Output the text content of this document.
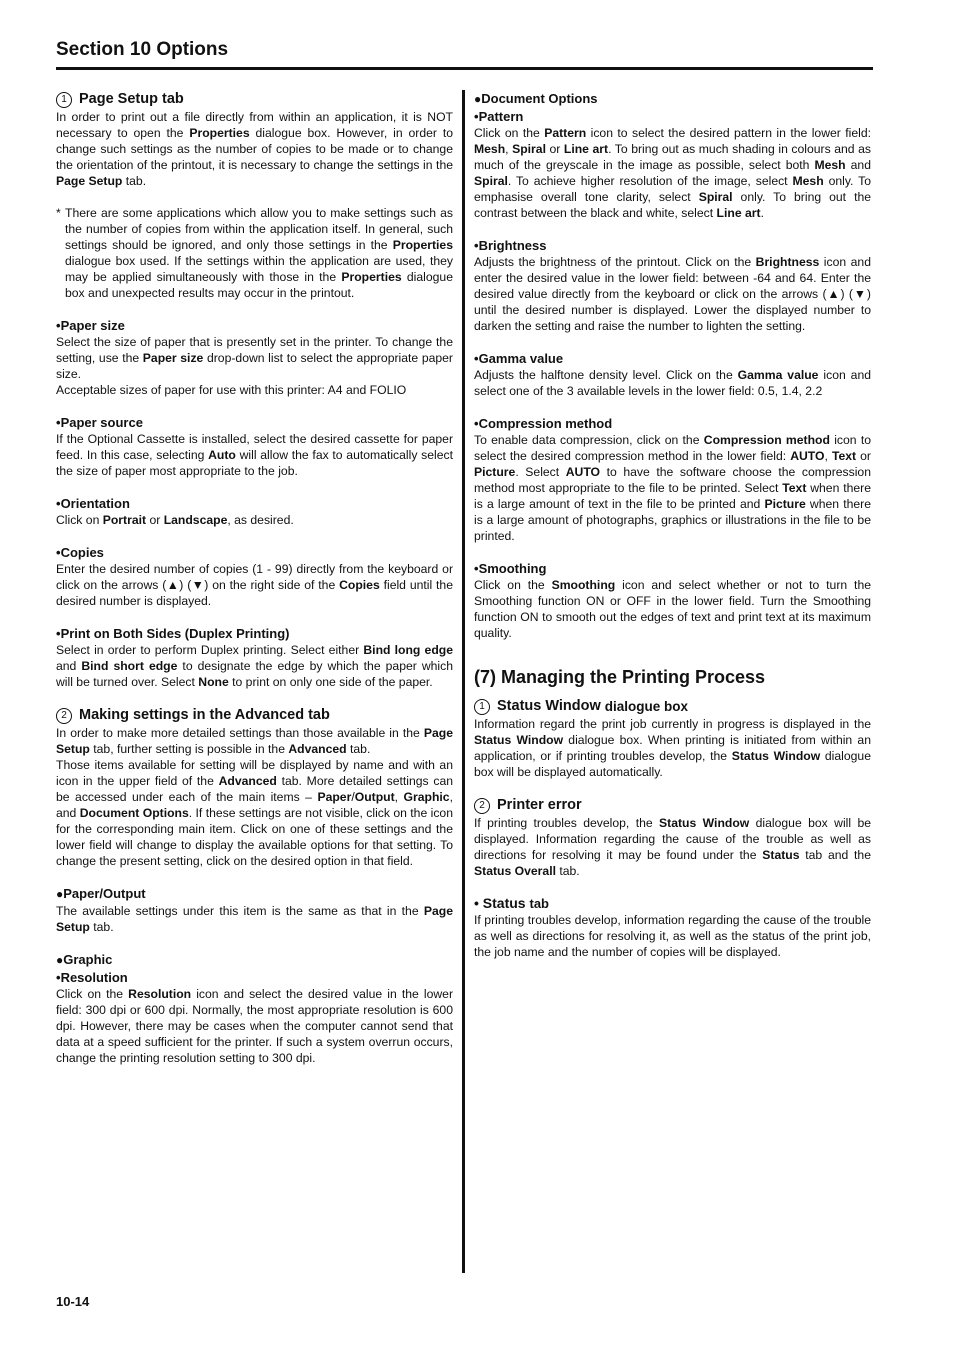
Section 10 Options
1 Page Setup tab

In order to print out a file directly from within an application, it is NOT necessary to open the Properties dialogue box. However, in order to change such settings as the number of copies to be made or to change the orientation of the printout, it is necessary to change the settings in the Page Setup tab.

* There are some applications which allow you to make settings such as the number of copies from within the application itself. In general, such settings should be ignored, and only those settings in the Properties dialogue box used. If the settings within the application are used, they may be applied simultaneously with those in the Properties dialogue box and unexpected results may occur in the printout.

• Paper size

Select the size of paper that is presently set in the printer. To change the setting, use the Paper size drop-down list to select the appropriate paper size.

Acceptable sizes of paper for use with this printer: A4 and FOLIO

• Paper source

If the Optional Cassette is installed, select the desired cassette for paper feed. In this case, selecting Auto will allow the fax to automatically select the size of paper most appropriate to the job.

• Orientation

Click on Portrait or Landscape, as desired.

• Copies

Enter the desired number of copies (1 - 99) directly from the keyboard or click on the arrows (▲) (▼) on the right side of the Copies field until the desired number is displayed.

• Print on Both Sides (Duplex Printing)

Select in order to perform Duplex printing. Select either Bind long edge and Bind short edge to designate the edge by which the paper which will be turned over. Select None to print on only one side of the paper.

2 Making settings in the Advanced tab

In order to make more detailed settings than those available in the Page Setup tab, further setting is possible in the Advanced tab.

Those items available for setting will be displayed by name and with an icon in the upper field of the Advanced tab. More detailed settings can be accessed under each of the main items – Paper/Output, Graphic, and Document Options. If these settings are not visible, click on the icon for the corresponding main item. Click on one of these settings and the lower field will change to display the available options for that setting. To change the present setting, click on the desired option in that field.

● Paper/Output

The available settings under this item is the same as that in the Page Setup tab.

● Graphic
• Resolution

Click on the Resolution icon and select the desired value in the lower field: 300 dpi or 600 dpi. Normally, the most appropriate resolution is 600 dpi. However, there may be cases when the computer cannot send that data at a speed sufficient for the printer. If such a system overrun occurs, change the printing resolution setting to 300 dpi.

● Document Options
• Pattern

Click on the Pattern icon to select the desired pattern in the lower field: Mesh, Spiral or Line art. To bring out as much shading in colours and as much of the greyscale in the image as possible, select both Mesh and Spiral. To achieve higher resolution of the image, select Mesh only. To emphasise overall tone clarity, select Spiral only. To bring out the contrast between the black and white, select Line art.

• Brightness

Adjusts the brightness of the printout. Click on the Brightness icon and enter the desired value in the lower field: between -64 and 64. Enter the desired value directly from the keyboard or click on the arrows (▲) (▼) until the desired number is displayed. Lower the displayed number to darken the setting and raise the number to lighten the setting.

• Gamma value

Adjusts the halftone density level. Click on the Gamma value icon and select one of the 3 available levels in the lower field: 0.5, 1.4, 2.2

• Compression method

To enable data compression, click on the Compression method icon to select the desired compression method in the lower field: AUTO, Text or Picture. Select AUTO to have the software choose the compression method most appropriate to the file to be printed. Select Text when there is a large amount of text in the file to be printed and Picture when there is a large amount of photographs, graphics or illustrations in the file to be printed.

• Smoothing

Click on the Smoothing icon and select whether or not to turn the Smoothing function ON or OFF in the lower field. Turn the Smoothing function ON to smooth out the edges of text and print text at its maximum quality.

(7) Managing the Printing Process
1 Status Window dialogue box

Information regard the print job currently in progress is displayed in the Status Window dialogue box. When printing is initiated from within an application, or if printing troubles develop, the Status Window dialogue box will be displayed automatically.

2 Printer error

If printing troubles develop, the Status Window dialogue box will be displayed. Information regarding the cause of the trouble as well as directions for resolving it may be found under the Status tab and the Status Overall tab.

• Status tab

If printing troubles develop, information regarding the cause of the trouble as well as directions for resolving it, as well as the status of the print job, the job name and the number of copies will be displayed.

10-14
